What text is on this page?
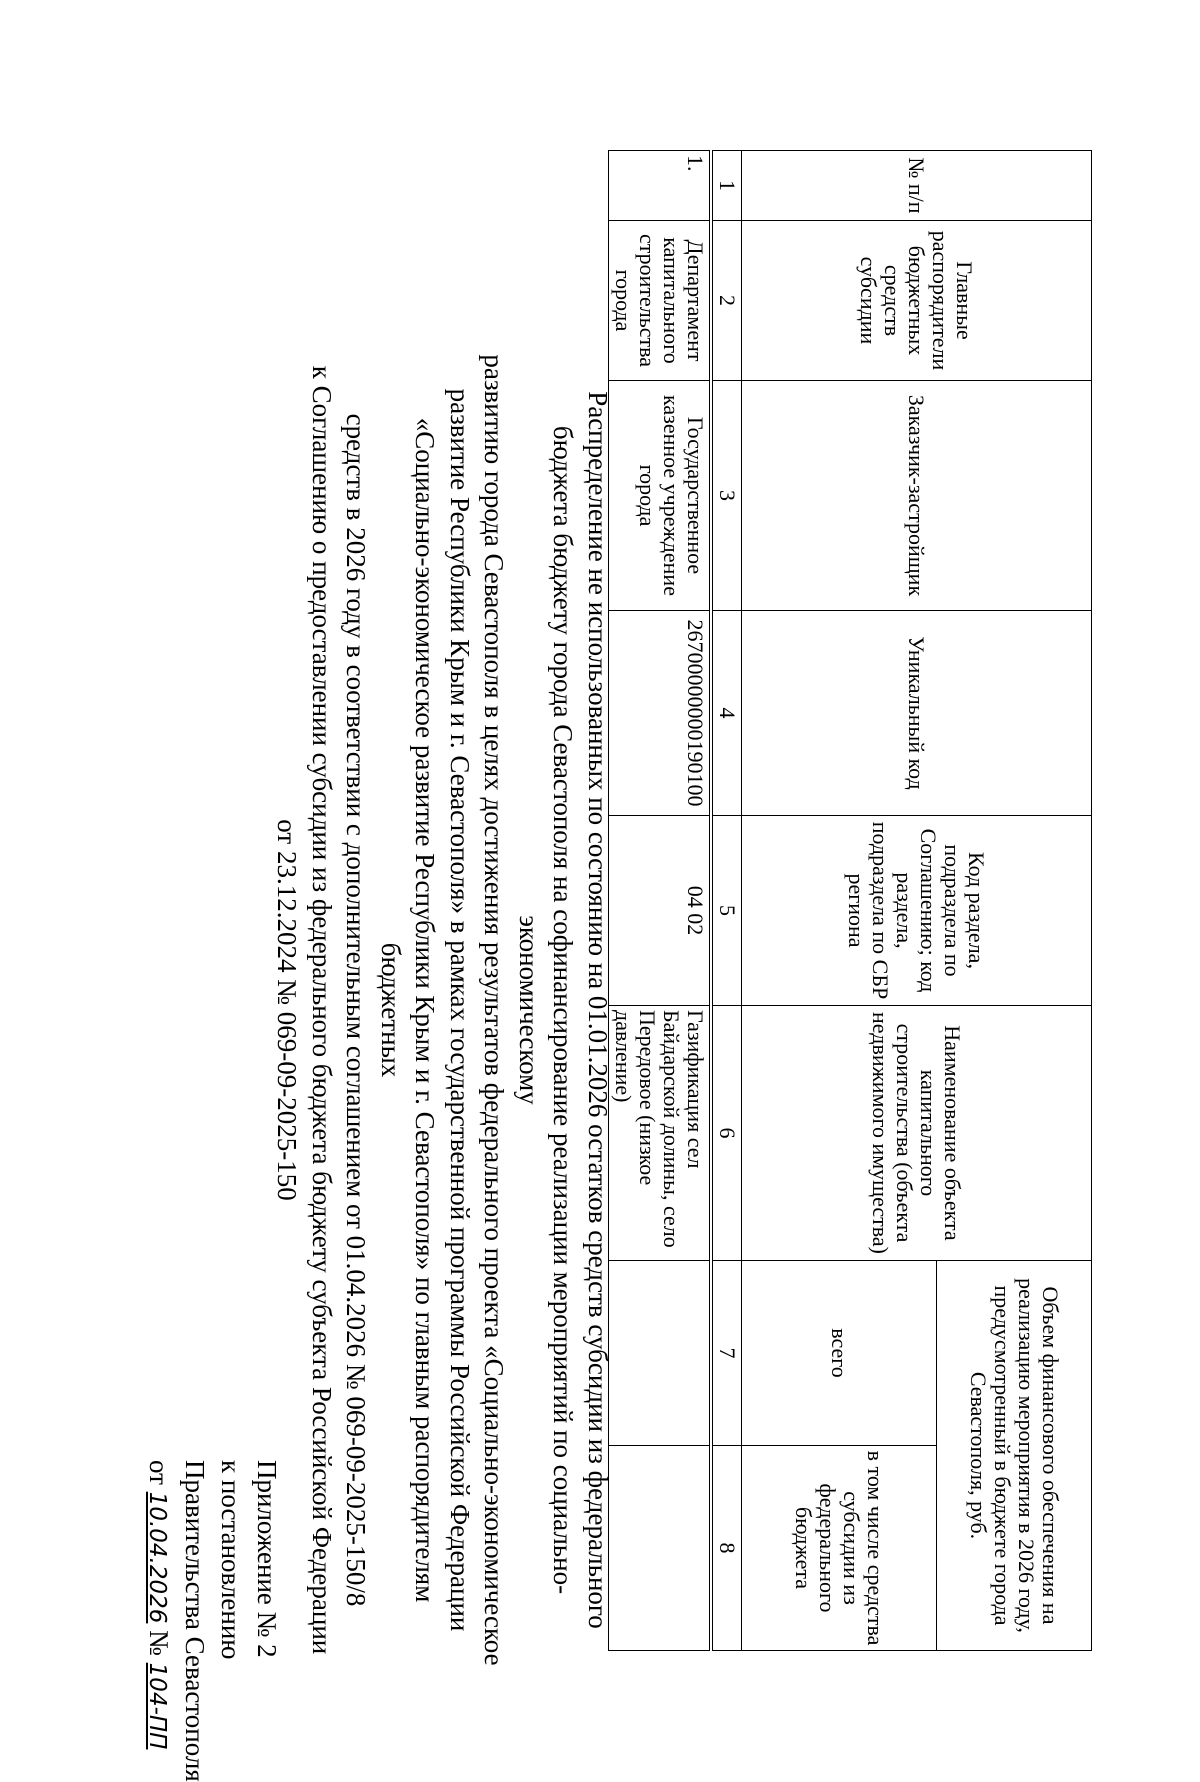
Приложение № 2
к постановлению
Правительства Севастополя
от 10.04.2026 № 104-ПП

Распределение не использованных по состоянию на 01.01.2026 остатков средств субсидии из федерального

бюджета бюджету города Севастополя на софинансирование реализации мероприятий по социально-экономическому

развитию города Севастополя в целях достижения результатов федерального проекта «Социально-экономическое

развитие Республики Крым и г. Севастополя» в рамках государственной программы Российской Федерации

«Социально-экономическое развитие Республики Крым и г. Севастополя» по главным распорядителям бюджетных

средств в 2026 году в соответствии с дополнительным соглашением от 01.04.2026 № 069-09-2025-150/8

к Соглашению о предоставлении субсидии из федерального бюджета бюджету субъекта Российской Федерации

от 23.12.2024 № 069-09-2025-150

№ п/п	Главные распорядители бюджетных средств субсидии	Заказчик-застройщик	Уникальный код	Код раздела, подраздела по Соглашению; код раздела, подраздела по СБР региона	Наименование объекта капитального строительства (объекта недвижимого имущества)	Объем финансового обеспечения на реализацию мероприятия в 2026 году, предусмотренный в бюджете города Севастополя, руб.	
						всего	в том числе средства субсидии из федерального бюджета
1	2	3	4	5	6	7	8
1.	Департамент капитального строительства города	Государственное казенное учреждение города	26700000000190100	04 02	Газификация сел Байдарской долины, село Передовое (низкое давление)		
